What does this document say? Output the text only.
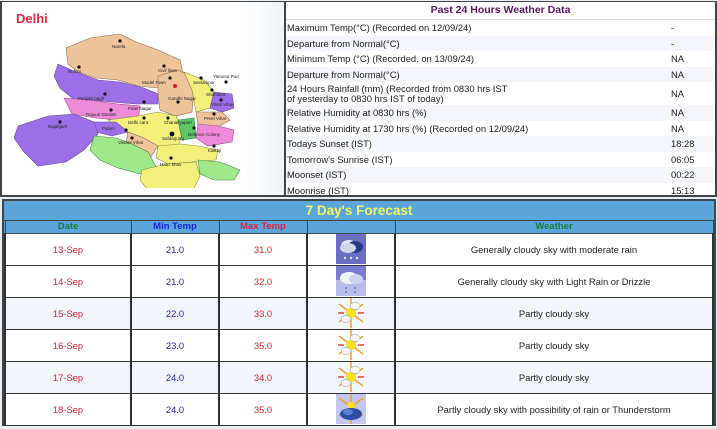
Delhi
Narela
Rohini
Model Town
Civil lines
Seelampur
Yamuna Puri
Punjabi bagh
Shahdara
Patel Nagar
Gandhi Nagar
Rajouri Garden
Delhi cant
Vivek Vihar
Preet Vihar
Najafgarh
Chanakyapuri
Defence Colony
Palam
Vasant Vihar
Safdarjung
Kalkaji
Hauz khas
Past 24 Hours Weather Data
Maximum Temp(°C) (Recorded on 12/09/24)	-
Departure from Normal(°C)	-
Minimum Temp (°C) (Recorded. on 13/09/24)	NA
Departure from Normal(°C)	NA
24 Hours Rainfall (mm) (Recorded from 0830 hrs IST
of yesterday to 0830 hrs IST of today)	NA
Relative Humidity at 0830 hrs (%)	NA
Relative Humidity at 1730 hrs (%) (Recorded on 12/09/24)	NA
Todays Sunset (IST)	18:28
Tomorrow's Sunrise (IST)	06:05
Moonset (IST)	00:22
Moonrise (IST)	15:13
7 Day's Forecast
Date	Min Temp	Max Temp		Weather
13-Sep	21.0	31.0		Generally cloudy sky with moderate rain
14-Sep	21.0	32.0		Generally cloudy sky with Light Rain or Drizzle
15-Sep	22.0	33.0		Partly cloudy sky
16-Sep	23.0	35.0		Partly cloudy sky
17-Sep	24.0	34.0		Partly cloudy sky
18-Sep	24.0	35.0		Partly cloudy sky with possibility of rain or Thunderstorm
